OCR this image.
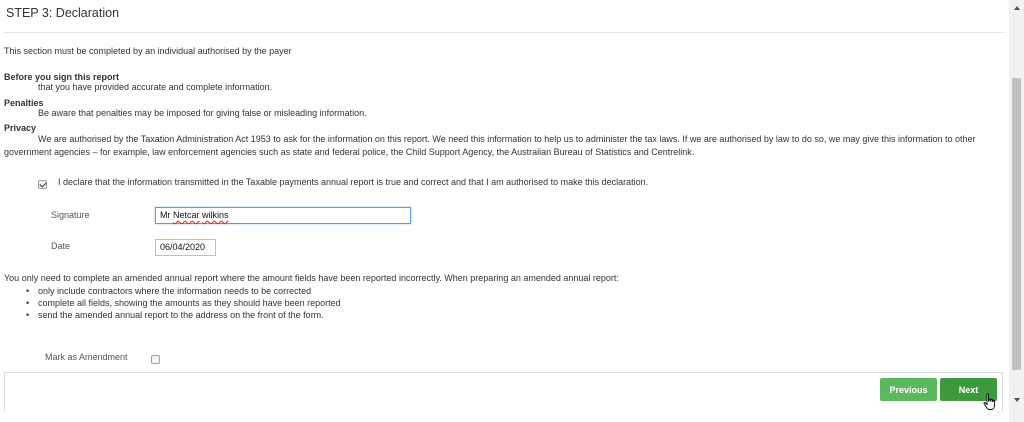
STEP 3: Declaration
This section must be completed by an individual authorised by the payer
Before you sign this report
that you have provided accurate and complete information.
Penalties
Be aware that penalties may be imposed for giving false or misleading information.
Privacy
We are authorised by the Taxation Administration Act 1953 to ask for the information on this report. We need this information to help us to administer the tax laws. If we are authorised by law to do so, we may give this information to other government agencies – for example, law enforcement agencies such as state and federal police, the Child Support Agency, the Australian Bureau of Statistics and Centrelink.
I declare that the information transmitted in the Taxable payments annual report is true and correct and that I am authorised to make this declaration.
Signature	Mr Netcar wilkins
Date	06/04/2020
You only need to complete an amended annual report where the amount fields have been reported incorrectly. When preparing an amended annual report:
• only include contractors where the information needs to be corrected
• complete all fields, showing the amounts as they should have been reported
• send the amended annual report to the address on the front of the form.
Mark as Amendment
Previous	Next
